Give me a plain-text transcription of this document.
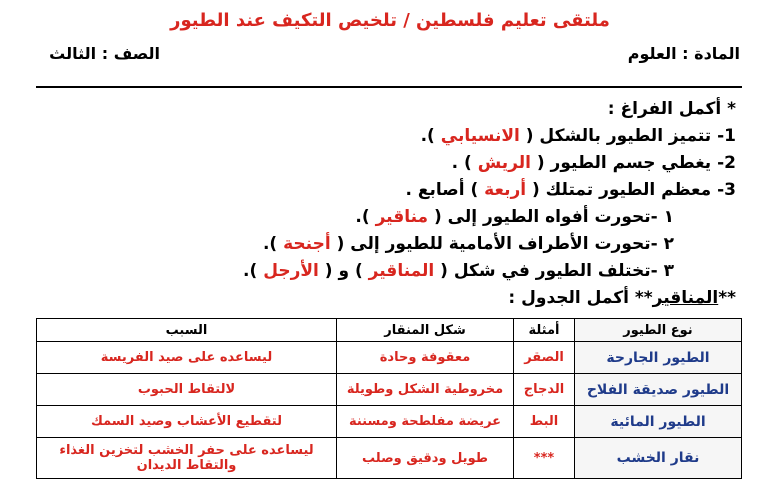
ملتقى تعليم فلسطين / تلخيص التكيف عند الطيور
المادة : العلوم
الصف : الثالث
* أكمل الفراغ :
1- تتميز الطيور بالشكل ( الانسيابي ).
2- يغطي جسم الطيور ( الريش ) .
3- معظم الطيور تمتلك ( أربعة ) أصابع .
١ -تحورت أفواه الطيور إلى ( مناقير ).
٢ -تحورت الأطراف الأمامية للطيور إلى ( أجنحة ).
٣ -تختلف الطيور في شكل ( المناقير ) و ( الأرجل ).
**المناقير** أكمل الجدول :
نوع الطيور	أمثلة	شكل المنقار	السبب
الطيور الجارحة	الصقر	معقوفة وحادة	ليساعده على صيد الفريسة
الطيور صديقة الفلاح	الدجاج	مخروطية الشكل وطويلة	لالتقاط الحبوب
الطيور المائية	البط	عريضة مفلطحة ومسننة	لتقطيع الأعشاب وصيد السمك
نقار الخشب	***	طويل ودقيق وصلب	ليساعده على حفر الخشب لتخزين الغذاء والتقاط الديدان
